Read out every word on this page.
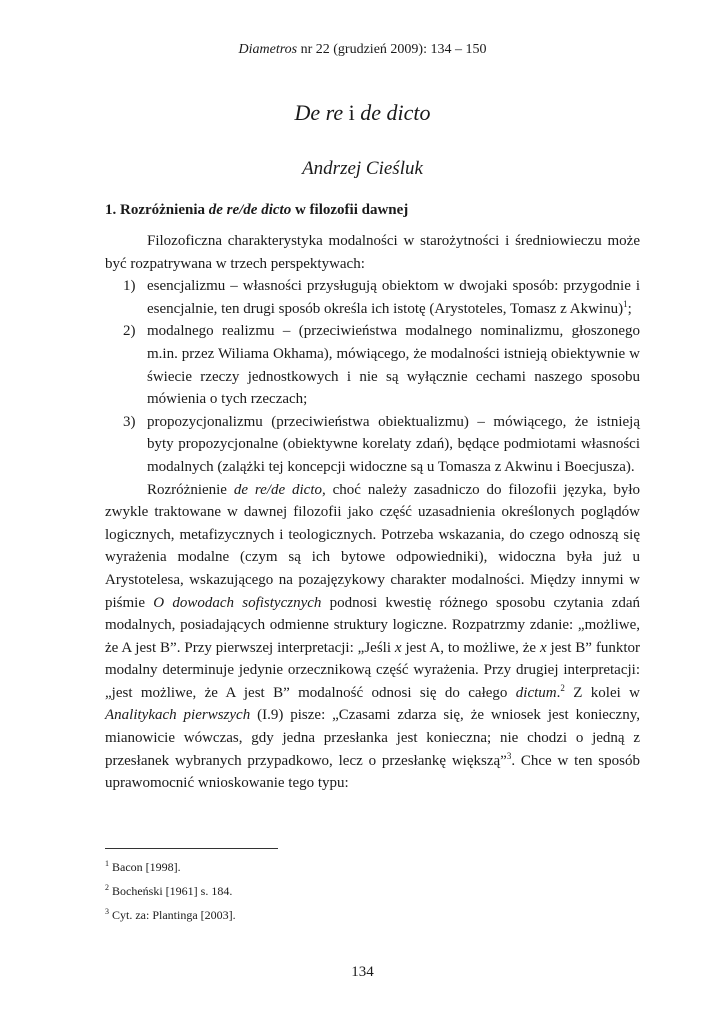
Diametros nr 22 (grudzień 2009): 134 – 150
De re i de dicto
Andrzej Cieśluk
1. Rozróżnienia de re/de dicto w filozofii dawnej

Filozoficzna charakterystyka modalności w starożytności i średniowieczu może być rozpatrywana w trzech perspektywach:

1) esencjalizmu – własności przysługują obiektom w dwojaki sposób: przygodnie i esencjalnie, ten drugi sposób określa ich istotę (Arystoteles, Tomasz z Akwinu)$^1$;
2) modalnego realizmu – (przeciwieństwa modalnego nominalizmu, głoszonego m.in. przez Wiliama Okhama), mówiącego, że modalności istnieją obiektywnie w świecie rzeczy jednostkowych i nie są wyłącznie cechami naszego sposobu mówienia o tych rzeczach;
3) propozycjonalizmu (przeciwieństwa obiektualizmu) – mówiącego, że istnieją byty propozycjonalne (obiektywne korelaty zdań), będące podmiotami własności modalnych (zalążki tej koncepcji widoczne są u Tomasza z Akwinu i Boecjusza).

Rozróżnienie de re/de dicto, choć należy zasadniczo do filozofii języka, było zwykle traktowane w dawnej filozofii jako część uzasadnienia określonych poglądów logicznych, metafizycznych i teologicznych. Potrzeba wskazania, do czego odnoszą się wyrażenia modalne (czym są ich bytowe odpowiedniki), widoczna była już u Arystotelesa, wskazującego na pozajęzykowy charakter modalności. Między innymi w piśmie O dowodach sofistycznych podnosi kwestię różnego sposobu czytania zdań modalnych, posiadających odmienne struktury logiczne. Rozpatrzmy zdanie: „możliwe, że A jest B”. Przy pierwszej interpretacji: „Jeśli x jest A, to możliwe, że x jest B” funktor modalny determinuje jedynie orzecznikową część wyrażenia. Przy drugiej interpretacji: „jest możliwe, że A jest B” modalność odnosi się do całego dictum.$^2$ Z kolei w Analitykach pierwszych (I.9) pisze: „Czasami zdarza się, że wniosek jest konieczny, mianowicie wówczas, gdy jedna przesłanka jest konieczna; nie chodzi o jedną z przesłanek wybranych przypadkowo, lecz o przesłankę większą”$^3$. Chce w ten sposób uprawomocnić wnioskowanie tego typu:

$^1$ Bacon [1998].
$^2$ Bocheński [1961] s. 184.
$^3$ Cyt. za: Plantinga [2003].
134
